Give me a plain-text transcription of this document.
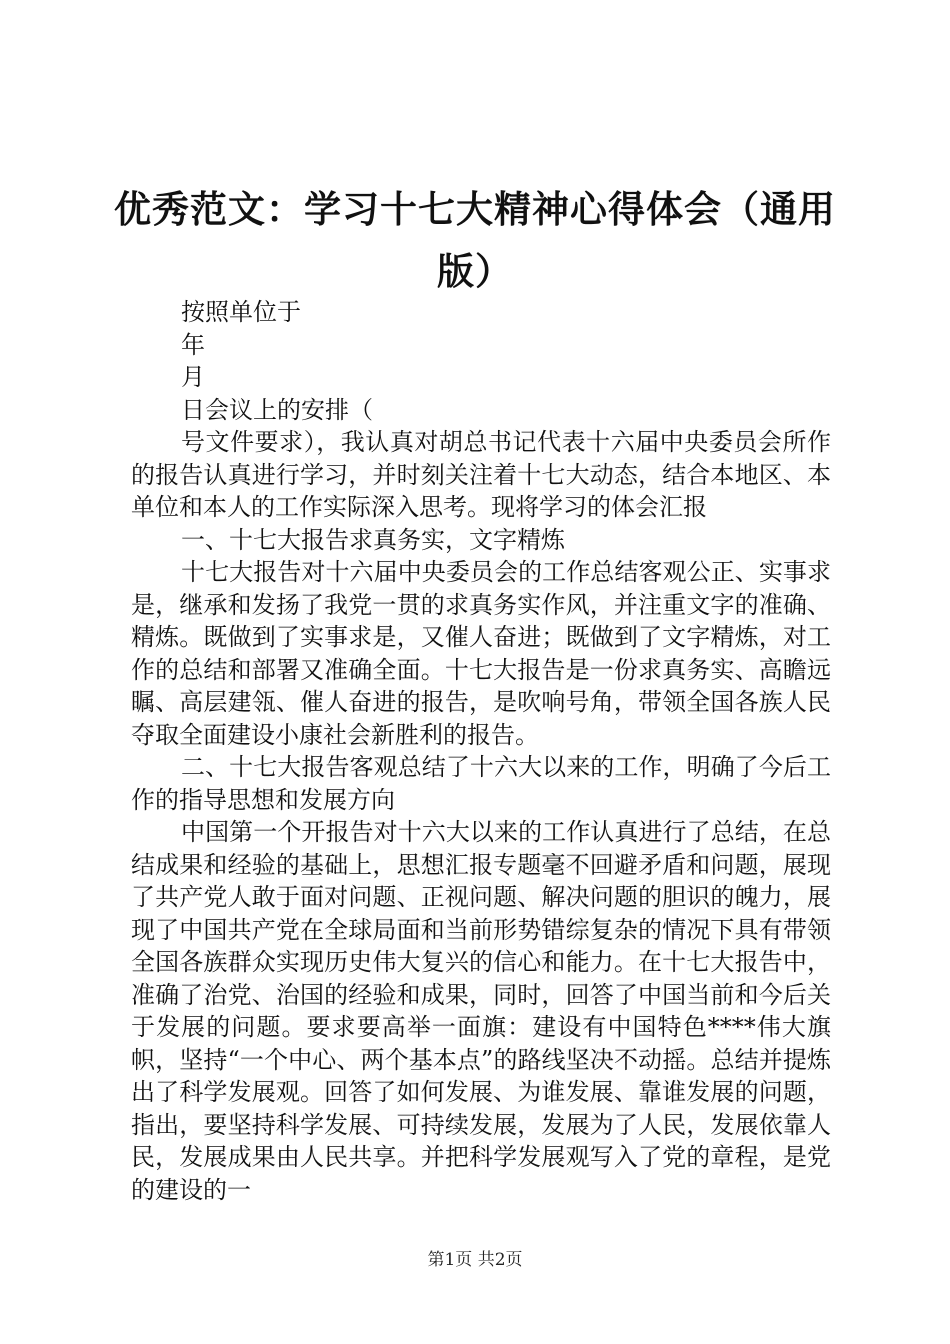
优秀范文：学习十七大精神心得体会（通用版）

按照单位于

年

月

日会议上的安排（

号文件要求），我认真对胡总书记代表十六届中央委员会所作的报告认真进行学习，并时刻关注着十七大动态，结合本地区、本单位和本人的工作实际深入思考。现将学习的体会汇报

一、十七大报告求真务实，文字精炼

十七大报告对十六届中央委员会的工作总结客观公正、实事求是，继承和发扬了我党一贯的求真务实作风，并注重文字的准确、精炼。既做到了实事求是，又催人奋进；既做到了文字精炼，对工作的总结和部署又准确全面。十七大报告是一份求真务实、高瞻远瞩、高层建瓴、催人奋进的报告，是吹响号角，带领全国各族人民夺取全面建设小康社会新胜利的报告。

二、十七大报告客观总结了十六大以来的工作，明确了今后工作的指导思想和发展方向

中国第一个开报告对十六大以来的工作认真进行了总结，在总结成果和经验的基础上，思想汇报专题毫不回避矛盾和问题，展现了共产党人敢于面对问题、正视问题、解决问题的胆识的魄力，展现了中国共产党在全球局面和当前形势错综复杂的情况下具有带领全国各族群众实现历史伟大复兴的信心和能力。在十七大报告中，准确了治党、治国的经验和成果，同时，回答了中国当前和今后关于发展的问题。要求要高举一面旗：建设有中国特色****伟大旗帜，坚持“一个中心、两个基本点”的路线坚决不动摇。总结并提炼出了科学发展观。回答了如何发展、为谁发展、靠谁发展的问题，指出，要坚持科学发展、可持续发展，发展为了人民，发展依靠人民，发展成果由人民共享。并把科学发展观写入了党的章程，是党的建设的一

第1页 共2页
